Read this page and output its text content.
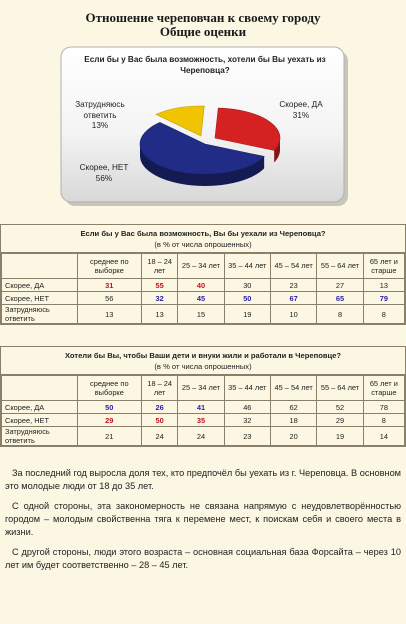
Отношение череповчан к своему городу
Общие оценки
Если бы у Вас была возможность, хотели бы Вы уехать из Череповца?
Затрудняюсь ответить
13%
Скорее, ДА
31%
Скорее, НЕТ
56%
Если бы у Вас была возможность, Вы бы уехали из Череповца?
(в % от числа опрошенных)
	среднее по выборке	18 – 24 лет	25 – 34 лет	35 – 44 лет	45 – 54 лет	55 – 64 лет	65 лет и старше
Скорее, ДА	31	55	40	30	23	27	13
Скорее, НЕТ	56	32	45	50	67	65	79
Затрудняюсь ответить	13	13	15	19	10	8	8
Хотели бы Вы, чтобы Ваши дети и внуки жили и работали в Череповце?
(в % от числа опрошенных)
	среднее по выборке	18 – 24 лет	25 – 34 лет	35 – 44 лет	45 – 54 лет	55 – 64 лет	65 лет и старше
Скорее, ДА	50	26	41	46	62	52	78
Скорее, НЕТ	29	50	35	32	18	29	8
Затрудняюсь ответить	21	24	24	23	20	19	14

За последний год выросла доля тех, кто предпочёл бы уехать из г. Череповца. В основном это молодые люди от 18 до 35 лет.

С одной стороны, эта закономерность не связана напрямую с неудовлетворённостью городом – молодым свойственна тяга к перемене мест, к поискам себя и своего места в жизни.

С другой стороны, люди этого возраста – основная социальная база Форсайта – через 10 лет им будет соответственно – 28 – 45 лет.
